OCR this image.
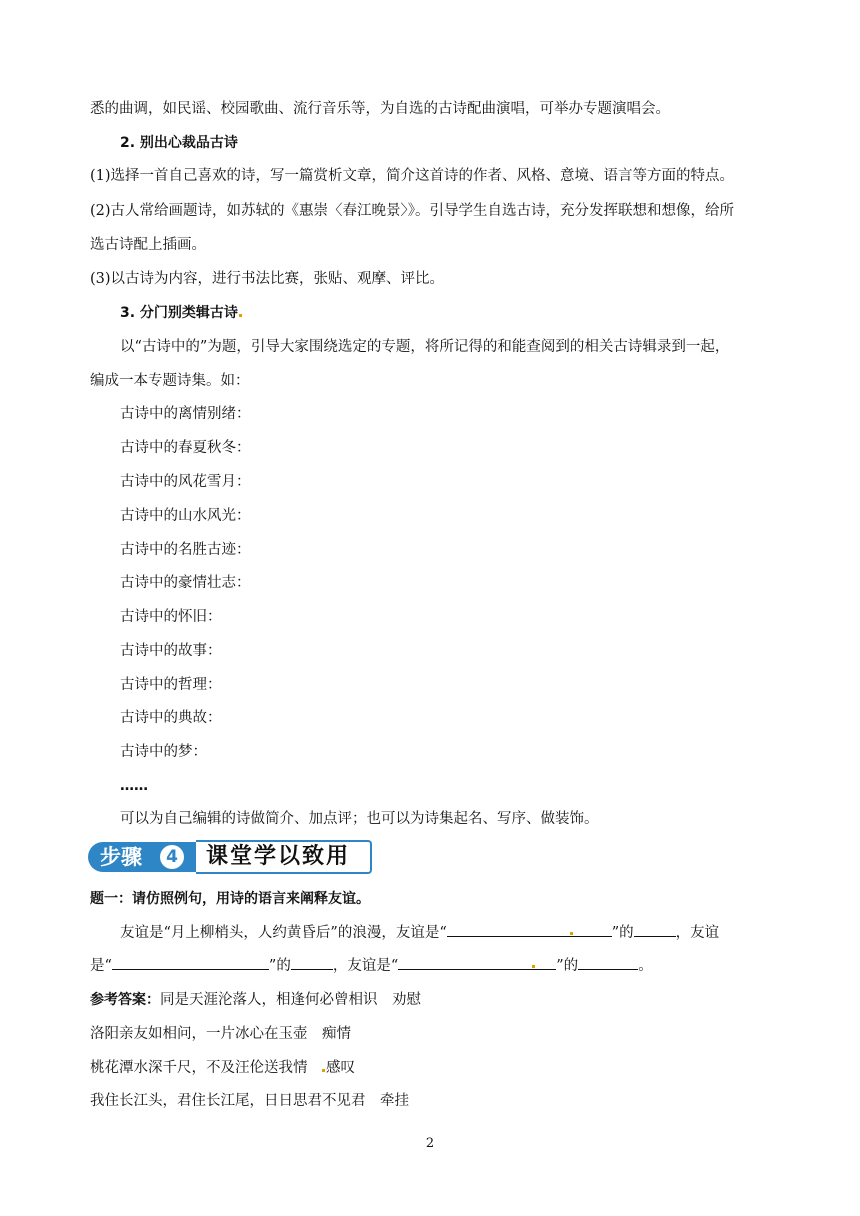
悉的曲调，如民谣、校园歌曲、流行音乐等，为自选的古诗配曲演唱，可举办专题演唱会。
2. 别出心裁品古诗
(1)选择一首自己喜欢的诗，写一篇赏析文章，简介这首诗的作者、风格、意境、语言等方面的特点。
(2)古人常给画题诗，如苏轼的《惠崇〈春江晚景〉》。引导学生自选古诗，充分发挥联想和想像，给所
选古诗配上插画。
(3)以古诗为内容，进行书法比赛，张贴、观摩、评比。
3. 分门别类辑古诗
以“古诗中的”为题，引导大家围绕选定的专题，将所记得的和能查阅到的相关古诗辑录到一起，
编成一本专题诗集。如：
古诗中的离情别绪：
古诗中的春夏秋冬：
古诗中的风花雪月：
古诗中的山水风光：
古诗中的名胜古迹：
古诗中的豪情壮志：
古诗中的怀旧：
古诗中的故事：
古诗中的哲理：
古诗中的典故：
古诗中的梦：
……
可以为自己编辑的诗做简介、加点评；也可以为诗集起名、写序、做装饰。
步骤	4	课堂学以致用
题一：请仿照例句，用诗的语言来阐释友谊。
友谊是“月上柳梢头，人约黄昏后”的浪漫，友谊是“	”的	，友谊
是“	”的	，友谊是“	”的	。
参考答案：同是天涯沦落人，相逢何必曾相识　劝慰
洛阳亲友如相问，一片冰心在玉壶　痴情
桃花潭水深千尺，不及汪伦送我情　感叹
我住长江头，君住长江尾，日日思君不见君　牵挂
2
